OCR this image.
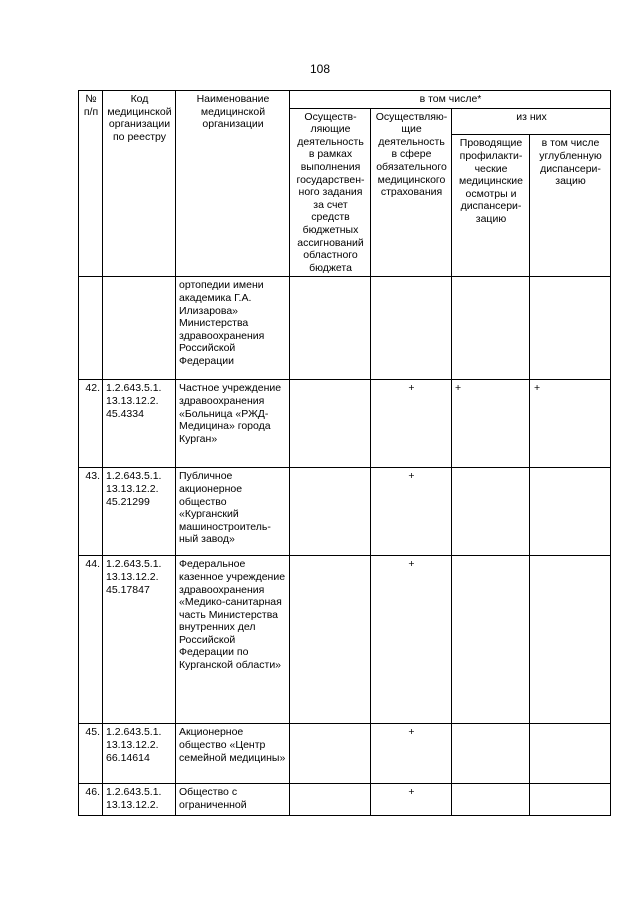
108
№ п/п	Код медицинской организации по реестру	Наименование медицинской организации	в том числе*			
			Осуществ-ляющие деятельность в рамках выполнения государствен-ного задания за счет средств бюджетных ассигнований областного бюджета	Осуществляю-щие деятельность в сфере обязательного медицинского страхования	из них	
					Проводящие профилакти-ческие медицинские осмотры и диспансери-зацию	в том числе углубленную диспансери-зацию
		ортопедии имени академика Г.А. Илизарова» Министерства здравоохранения Российской Федерации				
42.	1.2.643.5.1. 13.13.12.2. 45.4334	Частное учреждение здравоохранения «Больница «РЖД-Медицина» города Курган»		+	+	+
43.	1.2.643.5.1. 13.13.12.2. 45.21299	Публичное акционерное общество «Курганский машиностроитель-ный завод»		+		
44.	1.2.643.5.1. 13.13.12.2. 45.17847	Федеральное казенное учреждение здравоохранения «Медико-санитарная часть Министерства внутренних дел Российской Федерации по Курганской области»		+		
45.	1.2.643.5.1. 13.13.12.2. 66.14614	Акционерное общество «Центр семейной медицины»		+		
46.	1.2.643.5.1. 13.13.12.2.	Общество с ограниченной		+		
